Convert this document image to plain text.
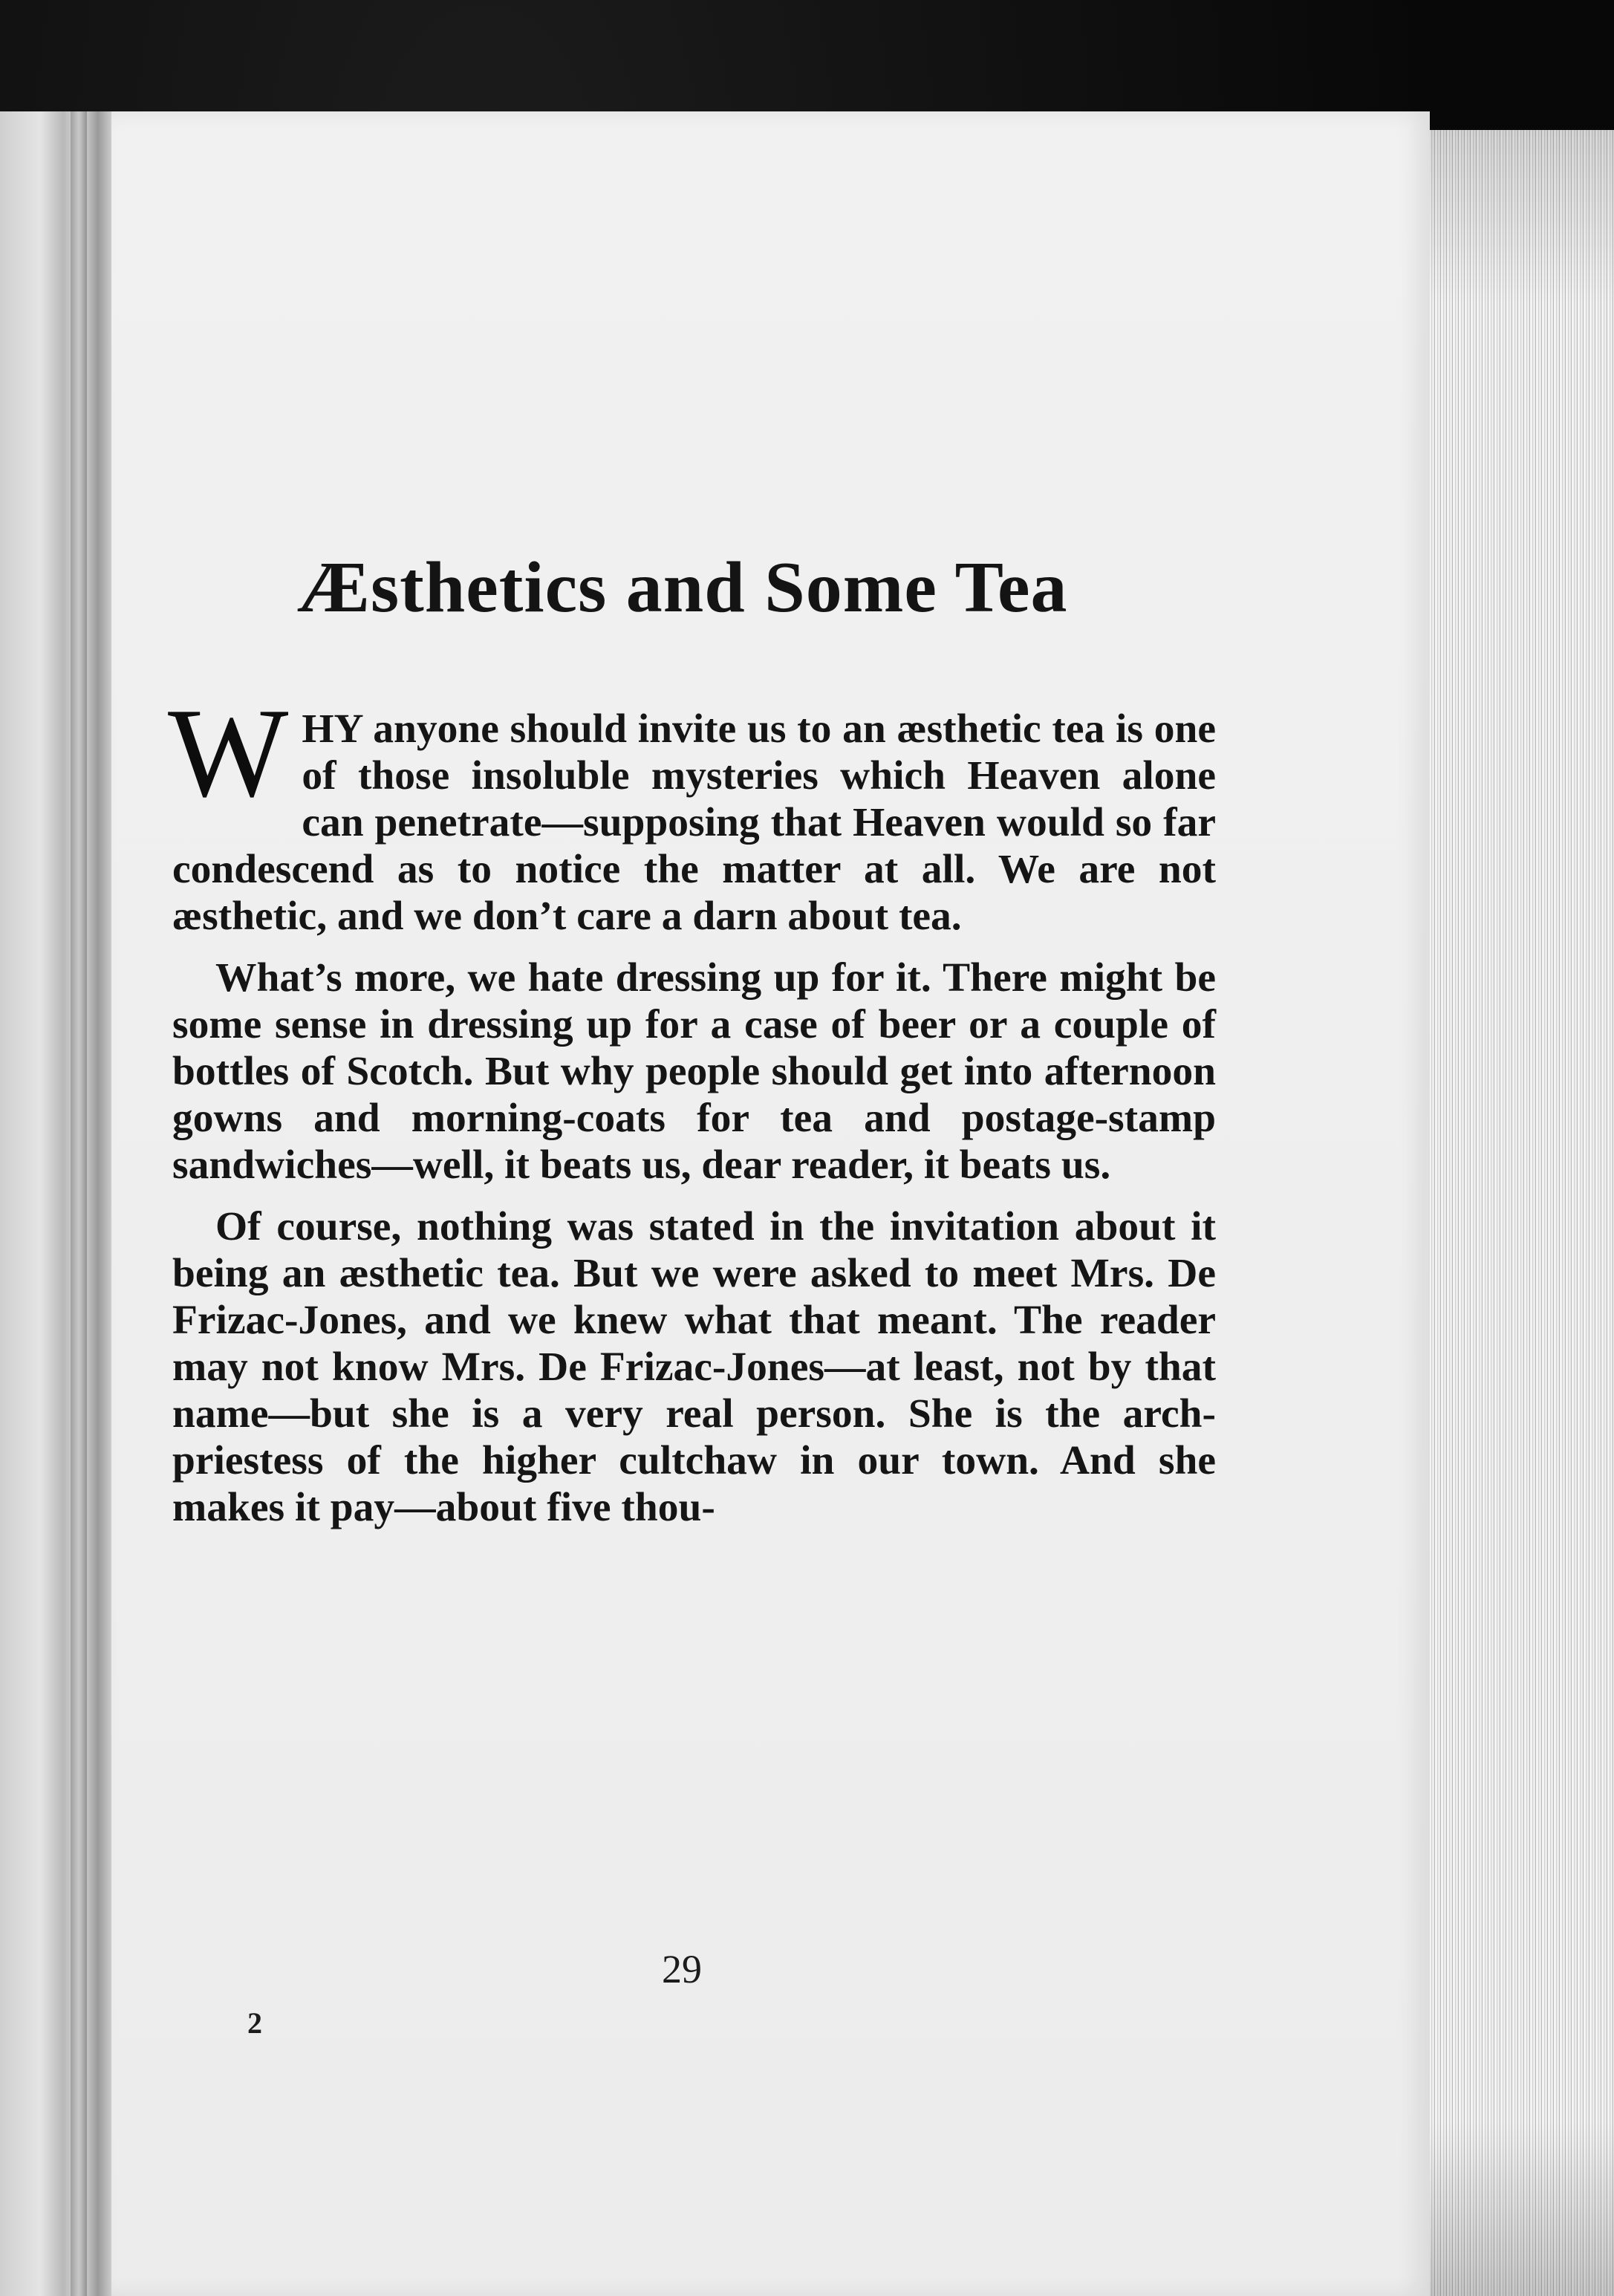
Æsthetics and Some Tea

WHY anyone should invite us to an æsthetic tea is one of those insoluble mysteries which Heaven alone can penetrate—supposing that Heaven would so far condescend as to notice the matter at all. We are not æsthetic, and we don’t care a darn about tea.

What’s more, we hate dressing up for it. There might be some sense in dressing up for a case of beer or a couple of bottles of Scotch. But why people should get into afternoon gowns and morning-coats for tea and postage-stamp sandwiches—well, it beats us, dear reader, it beats us.

Of course, nothing was stated in the invitation about it being an æsthetic tea. But we were asked to meet Mrs. De Frizac-Jones, and we knew what that meant. The reader may not know Mrs. De Frizac-Jones—at least, not by that name—but she is a very real person. She is the arch-priestess of the higher cultchaw in our town. And she makes it pay—about five thou-

29

2
